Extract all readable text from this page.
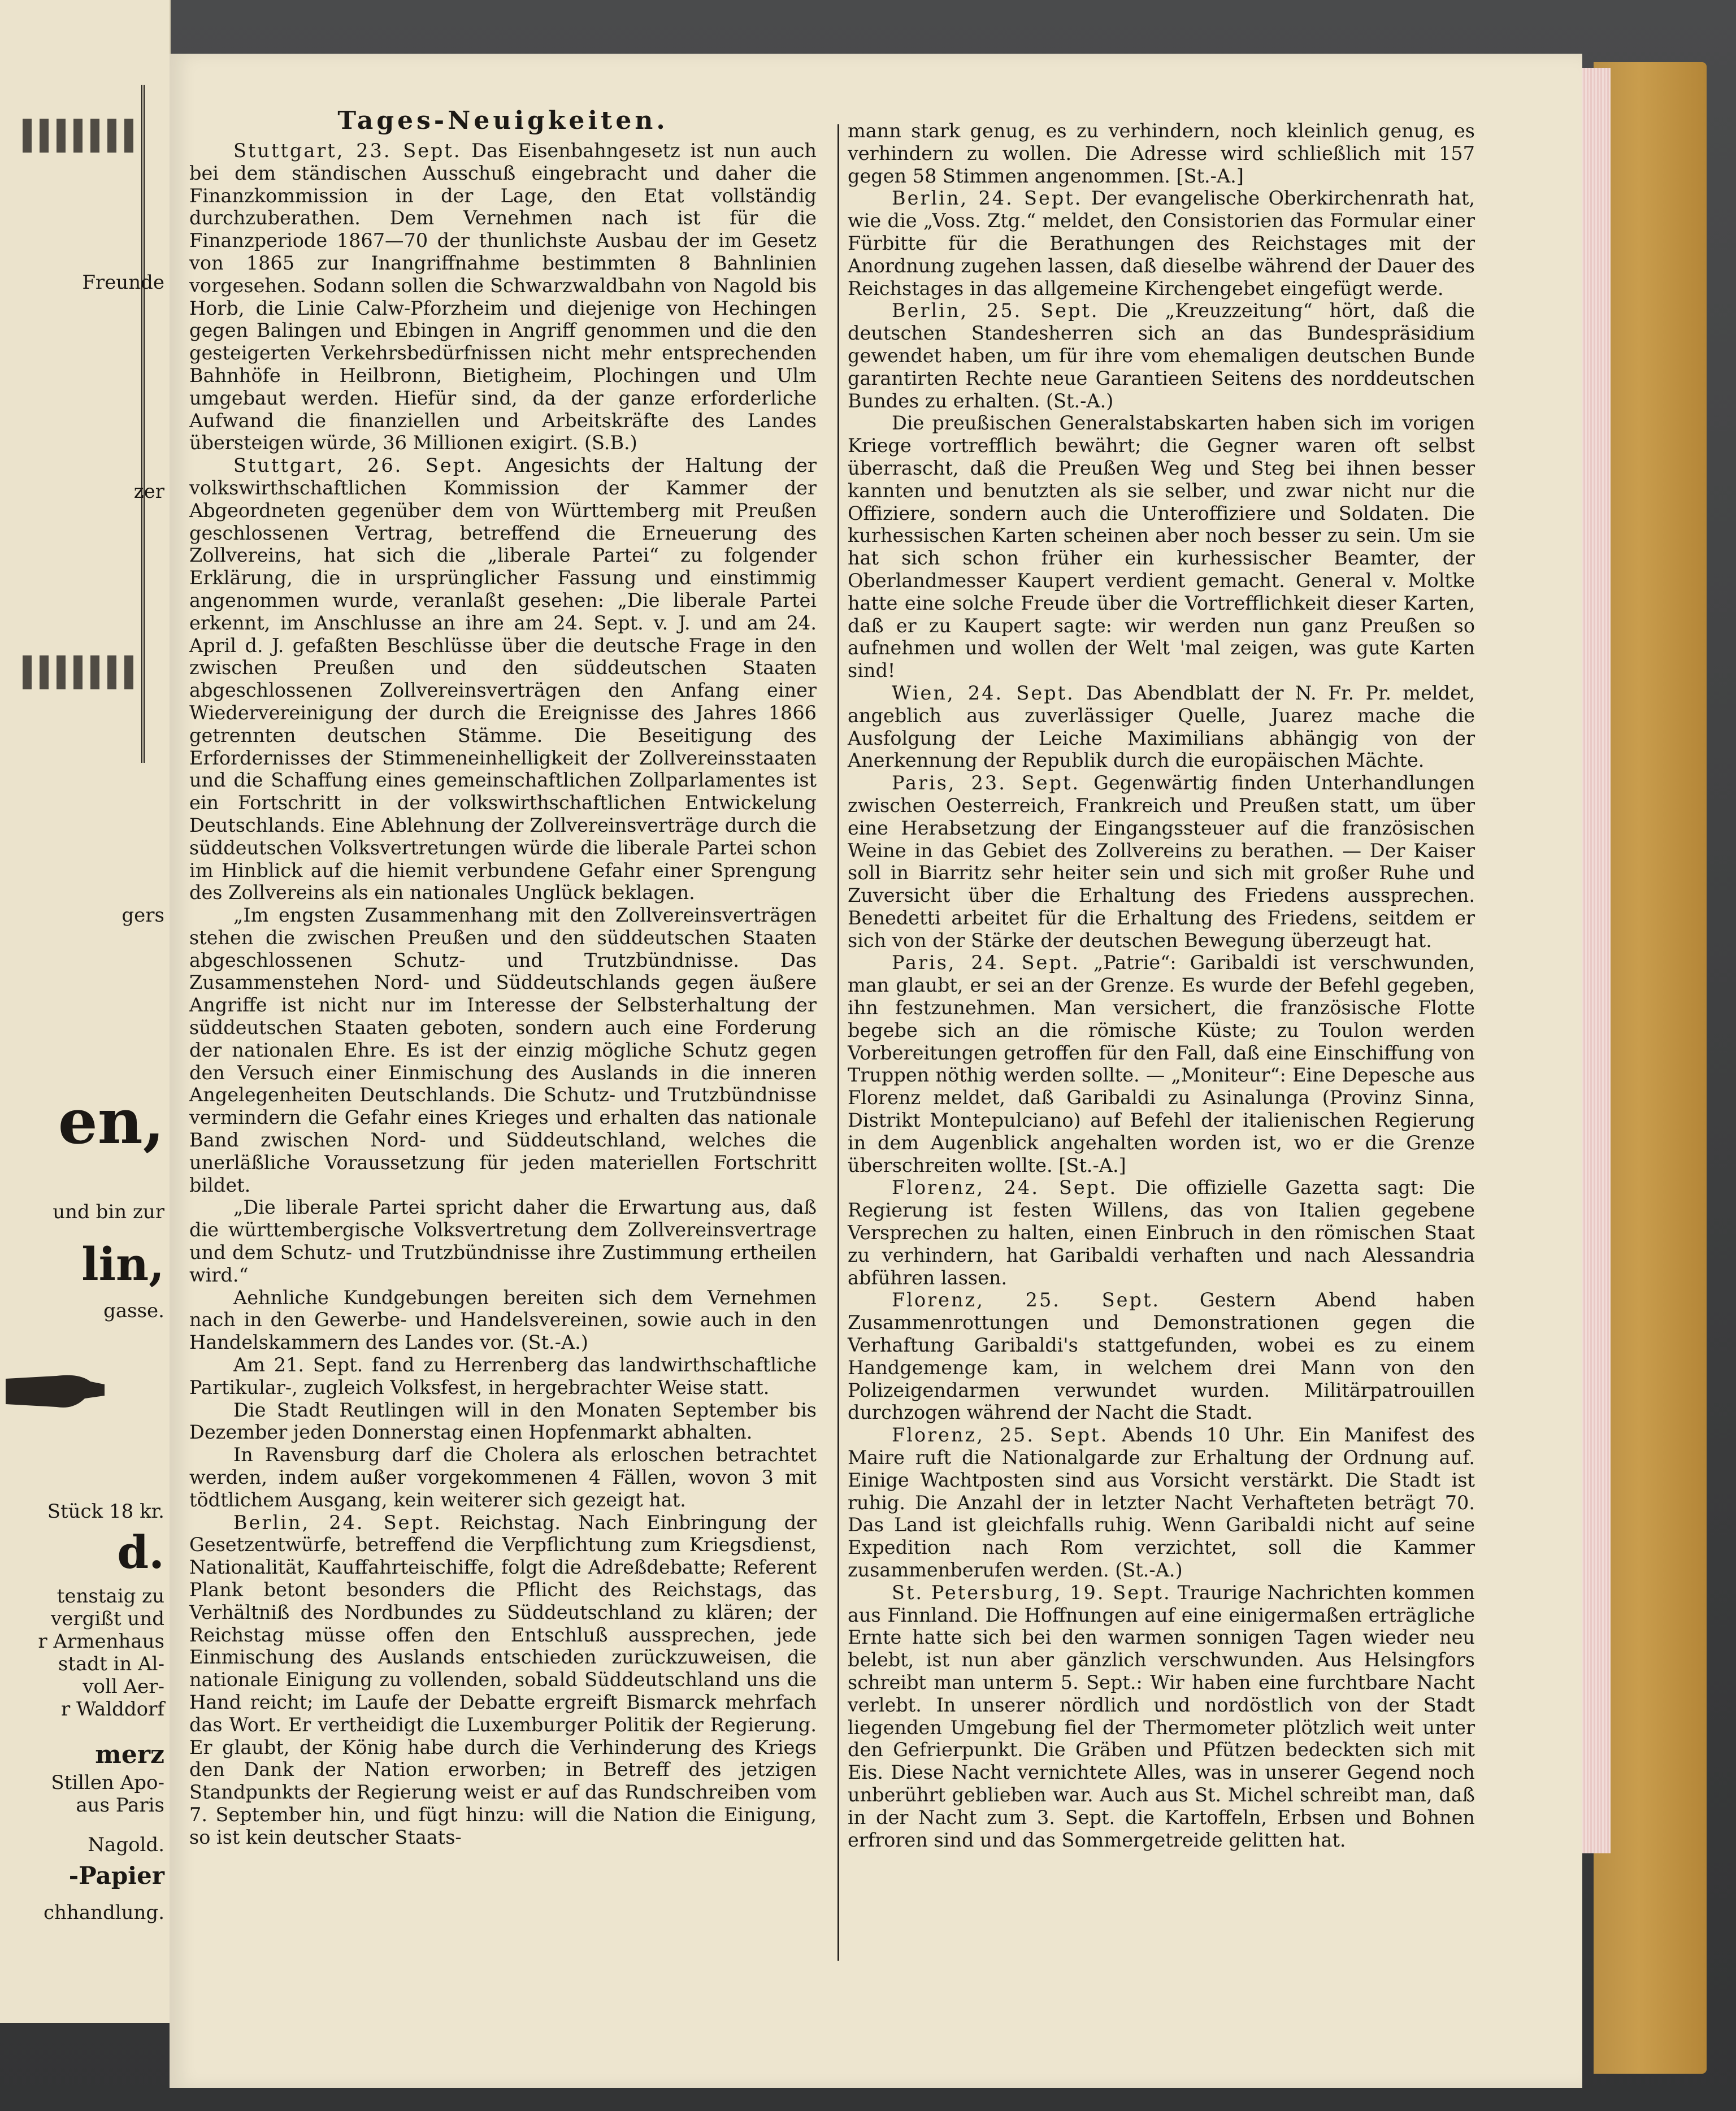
Freunde
zer
gers
en,
und bin zur
lin,
gasse.
Stück 18 kr.
d.
tenstaig zu
vergißt und
r Armenhaus
stadt in Al-
voll Aer-
r Walddorf
merz
Stillen Apo-
aus Paris
Nagold.
-Papier
chhandlung.
Tages-Neuigkeiten.

Stuttgart, 23. Sept. Das Eisenbahngesetz ist nun auch bei dem ständischen Ausschuß eingebracht und daher die Finanzkommission in der Lage, den Etat vollständig durchzuberathen. Dem Vernehmen nach ist für die Finanzperiode 1867—70 der thunlichste Ausbau der im Gesetz von 1865 zur Inangriffnahme bestimmten 8 Bahnlinien vorgesehen. Sodann sollen die Schwarzwaldbahn von Nagold bis Horb, die Linie Calw-Pforzheim und diejenige von Hechingen gegen Balingen und Ebingen in Angriff genommen und die den gesteigerten Verkehrsbedürfnissen nicht mehr entsprechenden Bahnhöfe in Heilbronn, Bietigheim, Plochingen und Ulm umgebaut werden. Hiefür sind, da der ganze erforderliche Aufwand die finanziellen und Arbeitskräfte des Landes übersteigen würde, 36 Millionen exigirt. (S.B.)

Stuttgart, 26. Sept. Angesichts der Haltung der volkswirthschaftlichen Kommission der Kammer der Abgeordneten gegenüber dem von Württemberg mit Preußen geschlossenen Vertrag, betreffend die Erneuerung des Zollvereins, hat sich die „liberale Partei“ zu folgender Erklärung, die in ursprünglicher Fassung und einstimmig angenommen wurde, veranlaßt gesehen: „Die liberale Partei erkennt, im Anschlusse an ihre am 24. Sept. v. J. und am 24. April d. J. gefaßten Beschlüsse über die deutsche Frage in den zwischen Preußen und den süddeutschen Staaten abgeschlossenen Zollvereinsverträgen den Anfang einer Wiedervereinigung der durch die Ereignisse des Jahres 1866 getrennten deutschen Stämme. Die Beseitigung des Erfordernisses der Stimmeneinhelligkeit der Zollvereinsstaaten und die Schaffung eines gemeinschaftlichen Zollparlamentes ist ein Fortschritt in der volkswirthschaftlichen Entwickelung Deutschlands. Eine Ablehnung der Zollvereinsverträge durch die süddeutschen Volksvertretungen würde die liberale Partei schon im Hinblick auf die hiemit verbundene Gefahr einer Sprengung des Zollvereins als ein nationales Unglück beklagen.

„Im engsten Zusammenhang mit den Zollvereinsverträgen stehen die zwischen Preußen und den süddeutschen Staaten abgeschlossenen Schutz- und Trutzbündnisse. Das Zusammenstehen Nord- und Süddeutschlands gegen äußere Angriffe ist nicht nur im Interesse der Selbsterhaltung der süddeutschen Staaten geboten, sondern auch eine Forderung der nationalen Ehre. Es ist der einzig mögliche Schutz gegen den Versuch einer Einmischung des Auslands in die inneren Angelegenheiten Deutschlands. Die Schutz- und Trutzbündnisse vermindern die Gefahr eines Krieges und erhalten das nationale Band zwischen Nord- und Süddeutschland, welches die unerläßliche Voraussetzung für jeden materiellen Fortschritt bildet.

„Die liberale Partei spricht daher die Erwartung aus, daß die württembergische Volksvertretung dem Zollvereinsvertrage und dem Schutz- und Trutzbündnisse ihre Zustimmung ertheilen wird.“

Aehnliche Kundgebungen bereiten sich dem Vernehmen nach in den Gewerbe- und Handelsvereinen, sowie auch in den Handelskammern des Landes vor. (St.-A.)

Am 21. Sept. fand zu Herrenberg das landwirthschaftliche Partikular-, zugleich Volksfest, in hergebrachter Weise statt.

Die Stadt Reutlingen will in den Monaten September bis Dezember jeden Donnerstag einen Hopfenmarkt abhalten.

In Ravensburg darf die Cholera als erloschen betrachtet werden, indem außer vorgekommenen 4 Fällen, wovon 3 mit tödtlichem Ausgang, kein weiterer sich gezeigt hat.

Berlin, 24. Sept. Reichstag. Nach Einbringung der Gesetzentwürfe, betreffend die Verpflichtung zum Kriegsdienst, Nationalität, Kauffahrteischiffe, folgt die Adreßdebatte; Referent Plank betont besonders die Pflicht des Reichstags, das Verhältniß des Nordbundes zu Süddeutschland zu klären; der Reichstag müsse offen den Entschluß aussprechen, jede Einmischung des Auslands entschieden zurückzuweisen, die nationale Einigung zu vollenden, sobald Süddeutschland uns die Hand reicht; im Laufe der Debatte ergreift Bismarck mehrfach das Wort. Er vertheidigt die Luxemburger Politik der Regierung. Er glaubt, der König habe durch die Verhinderung des Kriegs den Dank der Nation erworben; in Betreff des jetzigen Standpunkts der Regierung weist er auf das Rundschreiben vom 7. September hin, und fügt hinzu: will die Nation die Einigung, so ist kein deutscher Staats-

mann stark genug, es zu verhindern, noch kleinlich genug, es verhindern zu wollen. Die Adresse wird schließlich mit 157 gegen 58 Stimmen angenommen. [St.-A.]

Berlin, 24. Sept. Der evangelische Oberkirchenrath hat, wie die „Voss. Ztg.“ meldet, den Consistorien das Formular einer Fürbitte für die Berathungen des Reichstages mit der Anordnung zugehen lassen, daß dieselbe während der Dauer des Reichstages in das allgemeine Kirchengebet eingefügt werde.

Berlin, 25. Sept. Die „Kreuzzeitung“ hört, daß die deutschen Standesherren sich an das Bundespräsidium gewendet haben, um für ihre vom ehemaligen deutschen Bunde garantirten Rechte neue Garantieen Seitens des norddeutschen Bundes zu erhalten. (St.-A.)

Die preußischen Generalstabskarten haben sich im vorigen Kriege vortrefflich bewährt; die Gegner waren oft selbst überrascht, daß die Preußen Weg und Steg bei ihnen besser kannten und benutzten als sie selber, und zwar nicht nur die Offiziere, sondern auch die Unteroffiziere und Soldaten. Die kurhessischen Karten scheinen aber noch besser zu sein. Um sie hat sich schon früher ein kurhessischer Beamter, der Oberlandmesser Kaupert verdient gemacht. General v. Moltke hatte eine solche Freude über die Vortrefflichkeit dieser Karten, daß er zu Kaupert sagte: wir werden nun ganz Preußen so aufnehmen und wollen der Welt 'mal zeigen, was gute Karten sind!

Wien, 24. Sept. Das Abendblatt der N. Fr. Pr. meldet, angeblich aus zuverlässiger Quelle, Juarez mache die Ausfolgung der Leiche Maximilians abhängig von der Anerkennung der Republik durch die europäischen Mächte.

Paris, 23. Sept. Gegenwärtig finden Unterhandlungen zwischen Oesterreich, Frankreich und Preußen statt, um über eine Herabsetzung der Eingangssteuer auf die französischen Weine in das Gebiet des Zollvereins zu berathen. — Der Kaiser soll in Biarritz sehr heiter sein und sich mit großer Ruhe und Zuversicht über die Erhaltung des Friedens aussprechen. Benedetti arbeitet für die Erhaltung des Friedens, seitdem er sich von der Stärke der deutschen Bewegung überzeugt hat.

Paris, 24. Sept. „Patrie“: Garibaldi ist verschwunden, man glaubt, er sei an der Grenze. Es wurde der Befehl gegeben, ihn festzunehmen. Man versichert, die französische Flotte begebe sich an die römische Küste; zu Toulon werden Vorbereitungen getroffen für den Fall, daß eine Einschiffung von Truppen nöthig werden sollte. — „Moniteur“: Eine Depesche aus Florenz meldet, daß Garibaldi zu Asinalunga (Provinz Sinna, Distrikt Montepulciano) auf Befehl der italienischen Regierung in dem Augenblick angehalten worden ist, wo er die Grenze überschreiten wollte. [St.-A.]

Florenz, 24. Sept. Die offizielle Gazetta sagt: Die Regierung ist festen Willens, das von Italien gegebene Versprechen zu halten, einen Einbruch in den römischen Staat zu verhindern, hat Garibaldi verhaften und nach Alessandria abführen lassen.

Florenz, 25. Sept. Gestern Abend haben Zusammenrottungen und Demonstrationen gegen die Verhaftung Garibaldi's stattgefunden, wobei es zu einem Handgemenge kam, in welchem drei Mann von den Polizeigendarmen verwundet wurden. Militärpatrouillen durchzogen während der Nacht die Stadt.

Florenz, 25. Sept. Abends 10 Uhr. Ein Manifest des Maire ruft die Nationalgarde zur Erhaltung der Ordnung auf. Einige Wachtposten sind aus Vorsicht verstärkt. Die Stadt ist ruhig. Die Anzahl der in letzter Nacht Verhafteten beträgt 70. Das Land ist gleichfalls ruhig. Wenn Garibaldi nicht auf seine Expedition nach Rom verzichtet, soll die Kammer zusammenberufen werden. (St.-A.)

St. Petersburg, 19. Sept. Traurige Nachrichten kommen aus Finnland. Die Hoffnungen auf eine einigermaßen erträgliche Ernte hatte sich bei den warmen sonnigen Tagen wieder neu belebt, ist nun aber gänzlich verschwunden. Aus Helsingfors schreibt man unterm 5. Sept.: Wir haben eine furchtbare Nacht verlebt. In unserer nördlich und nordöstlich von der Stadt liegenden Umgebung fiel der Thermometer plötzlich weit unter den Gefrierpunkt. Die Gräben und Pfützen bedeckten sich mit Eis. Diese Nacht vernichtete Alles, was in unserer Gegend noch unberührt geblieben war. Auch aus St. Michel schreibt man, daß in der Nacht zum 3. Sept. die Kartoffeln, Erbsen und Bohnen erfroren sind und das Sommergetreide gelitten hat.
